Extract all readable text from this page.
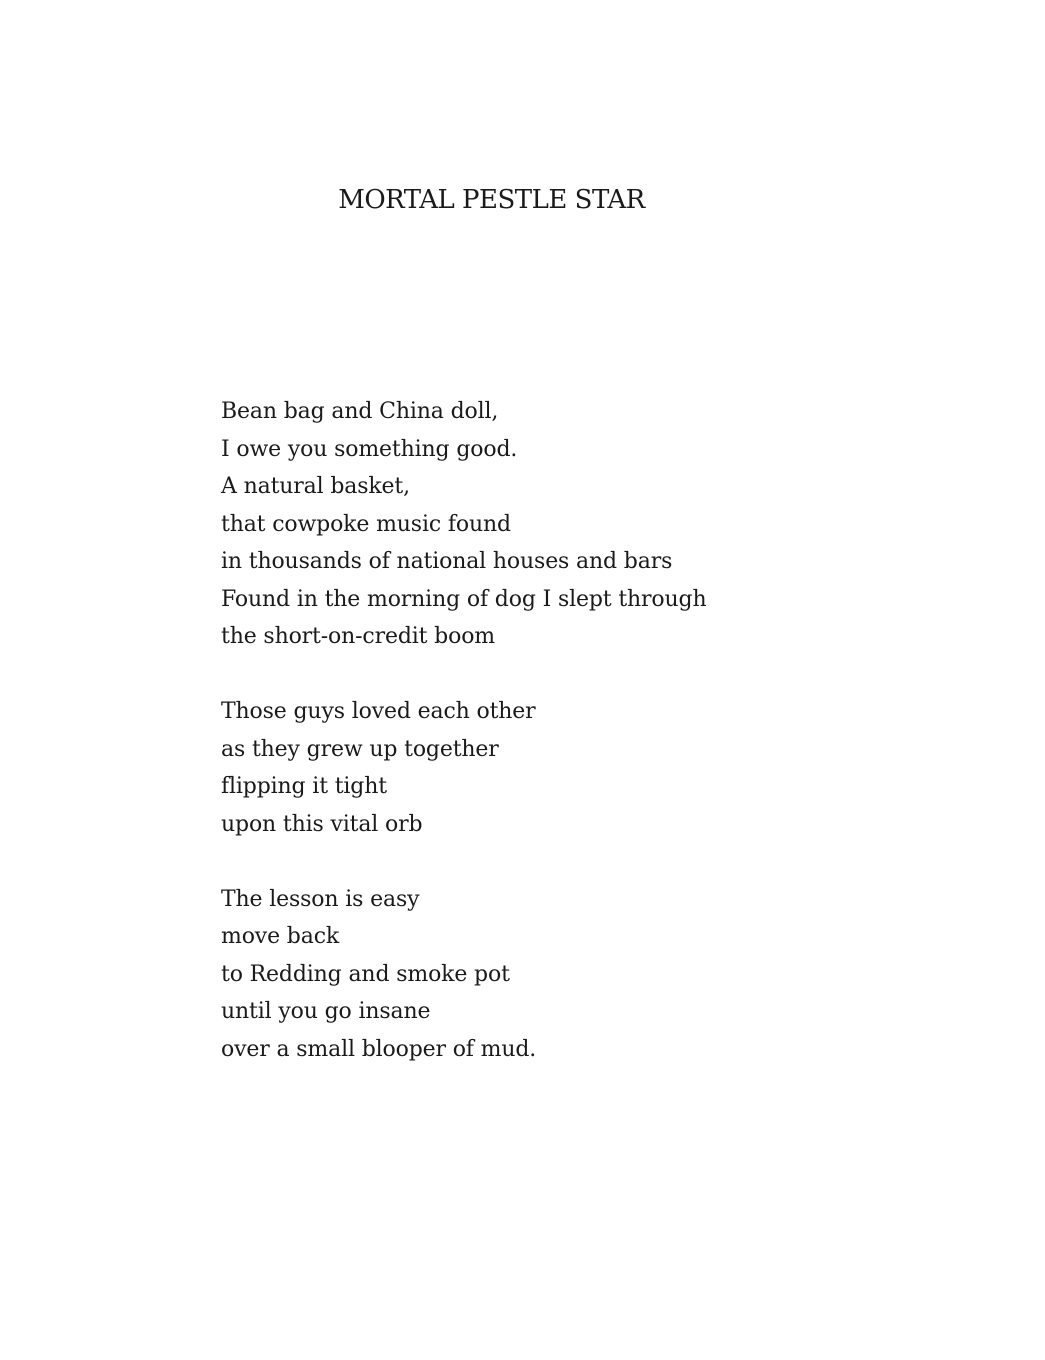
MORTAL PESTLE STAR
Bean bag and China doll,
I owe you something good.
A natural basket,
that cowpoke music found
in thousands of national houses and bars
Found in the morning of dog I slept through
the short-on-credit boom
Those guys loved each other
as they grew up together
flipping it tight
upon this vital orb
The lesson is easy
move back
to Redding and smoke pot
until you go insane
over a small blooper of mud.
